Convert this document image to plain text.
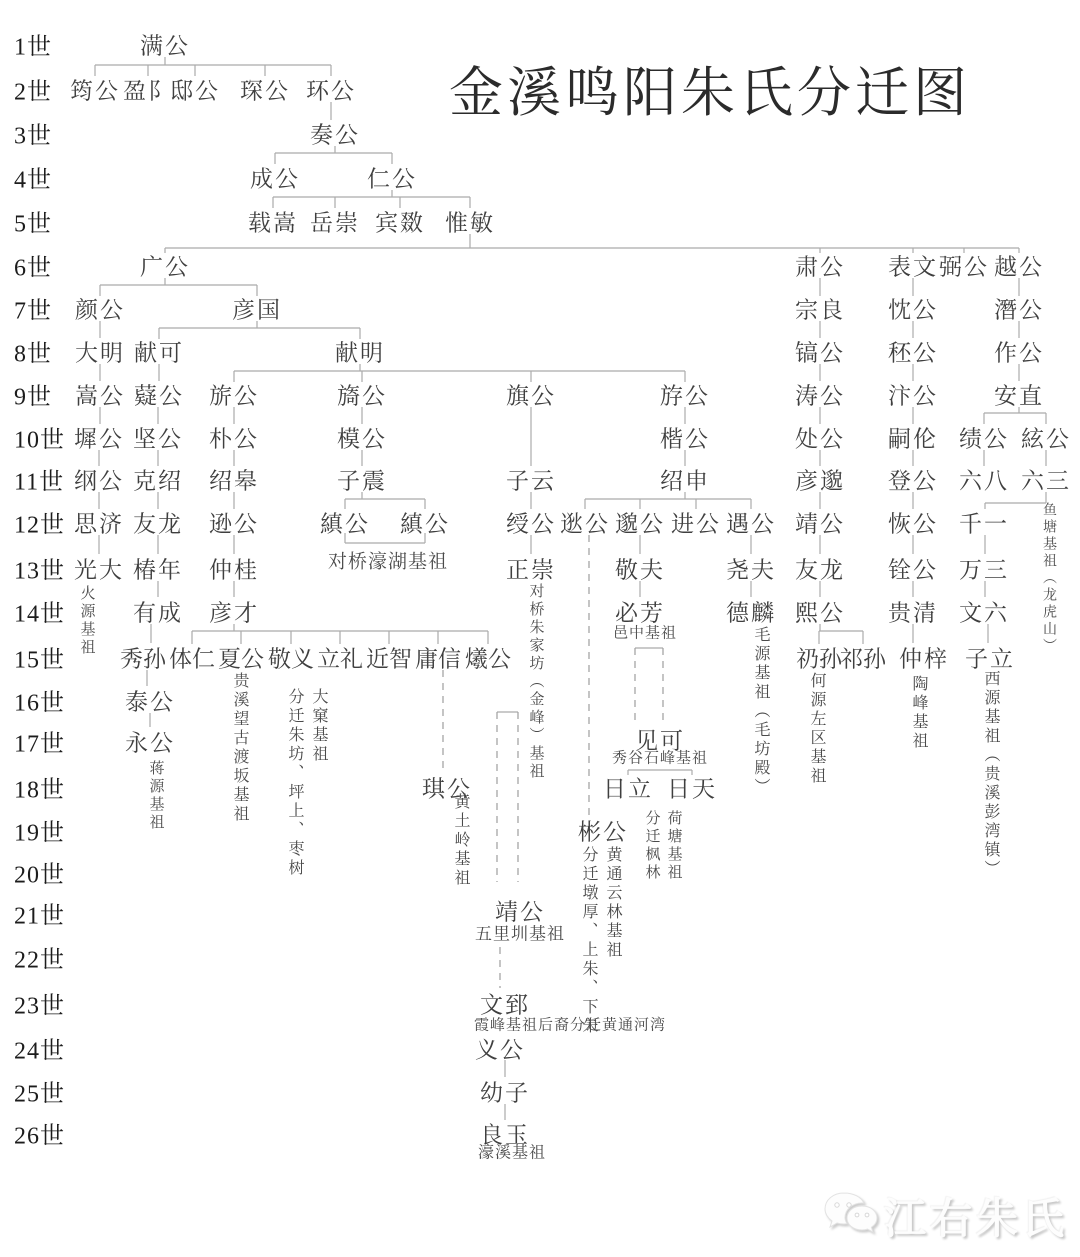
金溪鸣阳朱氏分迁图
1世
2世
3世
4世
5世
6世
7世
8世
9世
10世
11世
12世
13世
14世
15世
16世
17世
18世
19世
20世
21世
22世
23世
24世
25世
26世
满公
筠公 盈阝
邸公 琛公 环公
奏公
成公	仁公
载嵩 岳崇 宾敪 惟敏
广公	肃公 表文 弼公 越公
颜公	彦国	宗良 忱公 潛公
大明 献可	献明	镐公 秠公 作公
嵩公 薿公 旂公	旖公	旗公	斿公	涛公 汴公 安直
墀公 坚公 朴公	模公	楷公	处公 嗣伦 绩公 絃公
纲公 克绍 绍皋	子震	子云	绍申	彦邈 登公 六八 六三
思济 友龙 逊公	縝公 縝公 绶公 逖公 邈公 进公 遇公 靖公 恢公 千一
光大 椿年 仲桂	正崇	敬夫	尧夫 友龙 铨公 万三
有成 彦才	必芳	德麟 熙公 贵清 文六
秀孙 体仁 夏公 敬义 立礼 近智 庸信 爔公	礽孙
祁孙 仲梓 子立
泰公
永公	见可
琪公	日立 日天
彬公
靖公
文郅
义公
幼子
良玉
火源基祖
蒋源基祖	贵溪望古渡坂基祖	大窠基祖
分迁朱坊、坪上、枣树
对桥濠湖基祖
对桥朱家坊（金峰）基祖
黄土岭基祖
邑中基祖
秀谷石峰基祖
荷塘基祖
分迁枫林
黄通云林基祖
分迁墩厚、上朱、下朱
毛源基祖（毛坊殿） 何源左区基祖	陶峰基祖	西源基祖（贵溪彭湾镇）
鱼塘基祖（龙虎山）
五里圳基祖
霞峰基祖后裔分迁黄通河湾
濠溪基祖
江右朱氏
